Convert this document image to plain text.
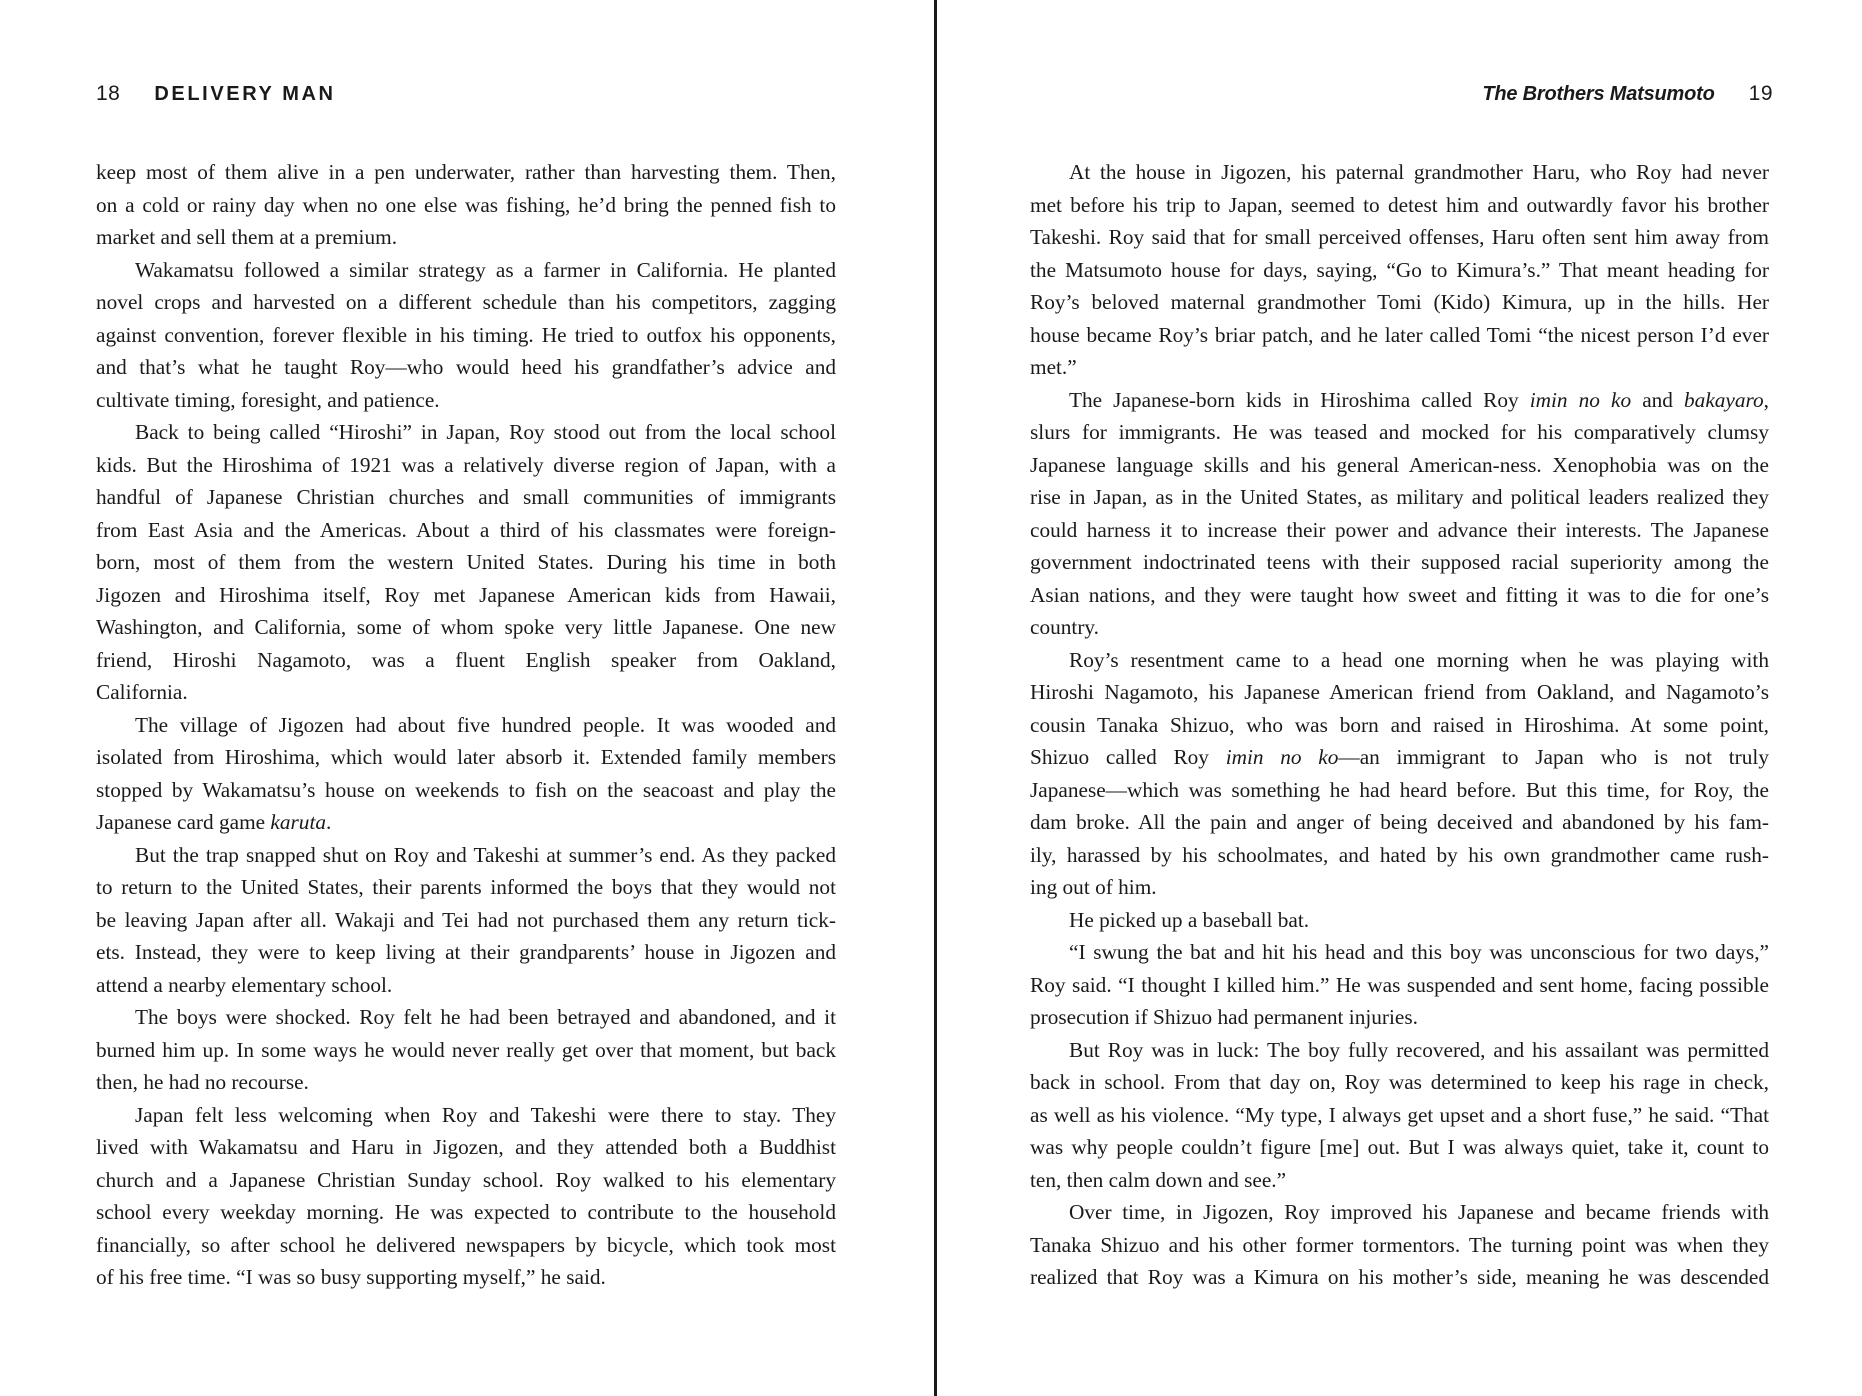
18 DELIVERY MAN
keep most of them alive in a pen underwater, rather than harvesting them. Then,
on a cold or rainy day when no one else was fishing, he’d bring the penned fish to
market and sell them at a premium.
Wakamatsu followed a similar strategy as a farmer in California. He planted
novel crops and harvested on a different schedule than his competitors, zagging
against convention, forever flexible in his timing. He tried to outfox his opponents,
and that’s what he taught Roy—who would heed his grandfather’s advice and
cultivate timing, foresight, and patience.
Back to being called “Hiroshi” in Japan, Roy stood out from the local school
kids. But the Hiroshima of 1921 was a relatively diverse region of Japan, with a
handful of Japanese Christian churches and small communities of immigrants
from East Asia and the Americas. About a third of his classmates were foreign-
born, most of them from the western United States. During his time in both
Jigozen and Hiroshima itself, Roy met Japanese American kids from Hawaii,
Washington, and California, some of whom spoke very little Japanese. One new
friend, Hiroshi Nagamoto, was a fluent English speaker from Oakland,
California.
The village of Jigozen had about five hundred people. It was wooded and
isolated from Hiroshima, which would later absorb it. Extended family members
stopped by Wakamatsu’s house on weekends to fish on the seacoast and play the
Japanese card game karuta.
But the trap snapped shut on Roy and Takeshi at summer’s end. As they packed
to return to the United States, their parents informed the boys that they would not
be leaving Japan after all. Wakaji and Tei had not purchased them any return tick-
ets. Instead, they were to keep living at their grandparents’ house in Jigozen and
attend a nearby elementary school.
The boys were shocked. Roy felt he had been betrayed and abandoned, and it
burned him up. In some ways he would never really get over that moment, but back
then, he had no recourse.
Japan felt less welcoming when Roy and Takeshi were there to stay. They
lived with Wakamatsu and Haru in Jigozen, and they attended both a Buddhist
church and a Japanese Christian Sunday school. Roy walked to his elementary
school every weekday morning. He was expected to contribute to the household
financially, so after school he delivered newspapers by bicycle, which took most
of his free time. “I was so busy supporting myself,” he said.
The Brothers Matsumoto 19
At the house in Jigozen, his paternal grandmother Haru, who Roy had never
met before his trip to Japan, seemed to detest him and outwardly favor his brother
Takeshi. Roy said that for small perceived offenses, Haru often sent him away from
the Matsumoto house for days, saying, “Go to Kimura’s.” That meant heading for
Roy’s beloved maternal grandmother Tomi (Kido) Kimura, up in the hills. Her
house became Roy’s briar patch, and he later called Tomi “the nicest person I’d ever
met.”
The Japanese-born kids in Hiroshima called Roy imin no ko and bakayaro,
slurs for immigrants. He was teased and mocked for his comparatively clumsy
Japanese language skills and his general American-ness. Xenophobia was on the
rise in Japan, as in the United States, as military and political leaders realized they
could harness it to increase their power and advance their interests. The Japanese
government indoctrinated teens with their supposed racial superiority among the
Asian nations, and they were taught how sweet and fitting it was to die for one’s
country.
Roy’s resentment came to a head one morning when he was playing with
Hiroshi Nagamoto, his Japanese American friend from Oakland, and Nagamoto’s
cousin Tanaka Shizuo, who was born and raised in Hiroshima. At some point,
Shizuo called Roy imin no ko—an immigrant to Japan who is not truly
Japanese—which was something he had heard before. But this time, for Roy, the
dam broke. All the pain and anger of being deceived and abandoned by his fam-
ily, harassed by his schoolmates, and hated by his own grandmother came rush-
ing out of him.
He picked up a baseball bat.
“I swung the bat and hit his head and this boy was unconscious for two days,”
Roy said. “I thought I killed him.” He was suspended and sent home, facing possible
prosecution if Shizuo had permanent injuries.
But Roy was in luck: The boy fully recovered, and his assailant was permitted
back in school. From that day on, Roy was determined to keep his rage in check,
as well as his violence. “My type, I always get upset and a short fuse,” he said. “That
was why people couldn’t figure [me] out. But I was always quiet, take it, count to
ten, then calm down and see.”
Over time, in Jigozen, Roy improved his Japanese and became friends with
Tanaka Shizuo and his other former tormentors. The turning point was when they
realized that Roy was a Kimura on his mother’s side, meaning he was descended
